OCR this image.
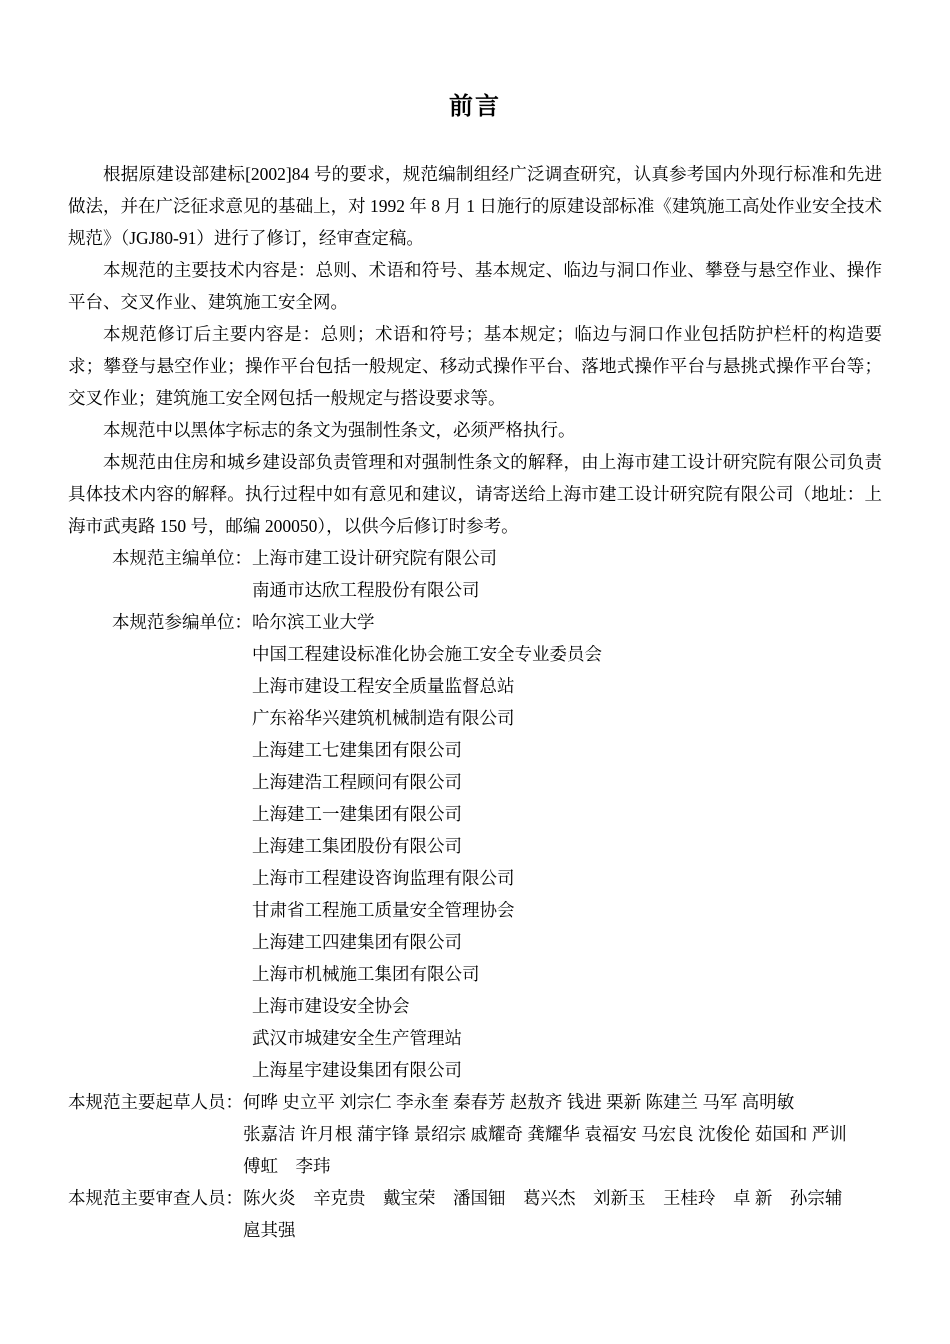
前言

根据原建设部建标[2002]84 号的要求，规范编制组经广泛调查研究，认真参考国内外现行标准和先进做法，并在广泛征求意见的基础上，对 1992 年 8 月 1 日施行的原建设部标准《建筑施工高处作业安全技术规范》（JGJ80-91）进行了修订，经审查定稿。

本规范的主要技术内容是：总则、术语和符号、基本规定、临边与洞口作业、攀登与悬空作业、操作平台、交叉作业、建筑施工安全网。

本规范修订后主要内容是：总则；术语和符号；基本规定；临边与洞口作业包括防护栏杆的构造要求；攀登与悬空作业；操作平台包括一般规定、移动式操作平台、落地式操作平台与悬挑式操作平台等；交叉作业；建筑施工安全网包括一般规定与搭设要求等。

本规范中以黑体字标志的条文为强制性条文，必须严格执行。

本规范由住房和城乡建设部负责管理和对强制性条文的解释，由上海市建工设计研究院有限公司负责具体技术内容的解释。执行过程中如有意见和建议，请寄送给上海市建工设计研究院有限公司（地址：上海市武夷路 150 号，邮编 200050），以供今后修订时参考。

本规范主编单位： 上海市建工设计研究院有限公司
南通市达欣工程股份有限公司
本规范参编单位： 哈尔滨工业大学
中国工程建设标准化协会施工安全专业委员会
上海市建设工程安全质量监督总站
广东裕华兴建筑机械制造有限公司
上海建工七建集团有限公司
上海建浩工程顾问有限公司
上海建工一建集团有限公司
上海建工集团股份有限公司
上海市工程建设咨询监理有限公司
甘肃省工程施工质量安全管理协会
上海建工四建集团有限公司
上海市机械施工集团有限公司
上海市建设安全协会
武汉市城建安全生产管理站
上海星宇建设集团有限公司
本规范主要起草人员： 何晔 史立平 刘宗仁 李永奎 秦春芳 赵敖齐 钱进 栗新 陈建兰 马军 高明敏
张嘉洁 许月根 蒲宇锋 景绍宗 戚耀奇 龚耀华 袁福安 马宏良 沈俊伦 茹国和 严训
傅虹　李玮
本规范主要审查人员： 陈火炎　辛克贵　戴宝荣　潘国钿　葛兴杰　刘新玉　王桂玲　卓 新　孙宗辅
扈其强
